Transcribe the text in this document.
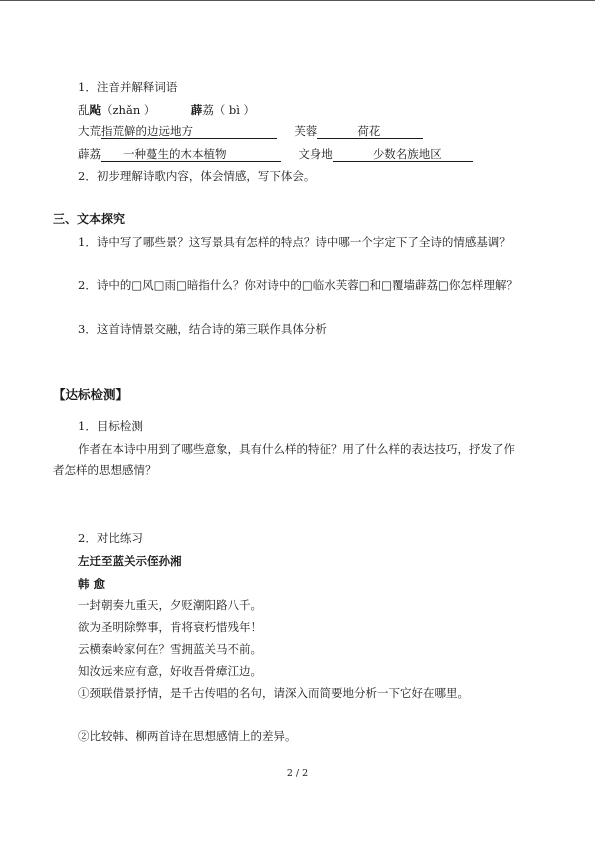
1．注音并解释词语
乱飐（zhǎn ）	薜荔（ bì ）
大荒指荒僻的边远地方	芙蓉	荷花
薜荔 一种蔓生的木本植物	文身地	少数名族地区
2．初步理解诗歌内容，体会情感，写下体会。
三、文本探究
1．诗中写了哪些景？这写景具有怎样的特点？诗中哪一个字定下了全诗的情感基调？
2．诗中的□风□雨□暗指什么？你对诗中的□临水芙蓉□和□覆墙薜荔□你怎样理解？
3．这首诗情景交融，结合诗的第三联作具体分析
【达标检测】
1．目标检测
作者在本诗中用到了哪些意象，具有什么样的特征？用了什么样的表达技巧，抒发了作
者怎样的思想感情？
2．对比练习
左迁至蓝关示侄孙湘
韩 愈
一封朝奏九重天，夕贬潮阳路八千。
欲为圣明除弊事，肯将衰朽惜残年！
云横秦岭家何在？雪拥蓝关马不前。
知汝远来应有意，好收吾骨瘴江边。
①颈联借景抒情，是千古传唱的名句，请深入而简要地分析一下它好在哪里。
②比较韩、柳两首诗在思想感情上的差异。
2 / 2
